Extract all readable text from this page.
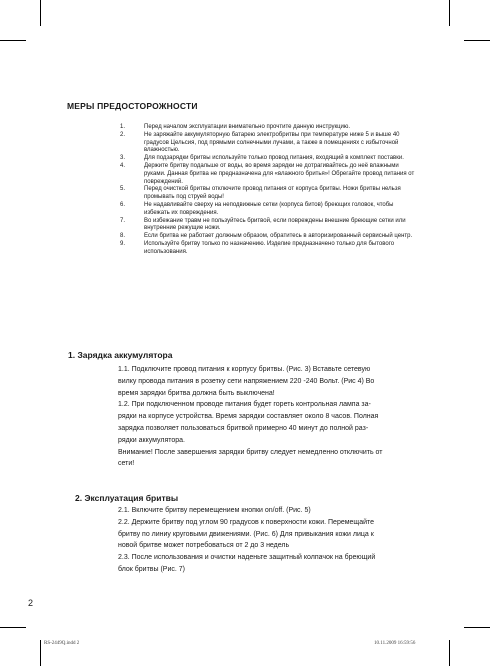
МЕРЫ ПРЕДОСТОРОЖНОСТИ
1.	Перед началом эксплуатации внимательно прочтите данную инструкцию.
2.	Не заряжайте аккумуляторную батарею электробритвы при температуре ниже 5 и выше 40 градусов Цельсия, под прямыми солнечными лучами, а также в помещениях с избыточной влажностью.
3.	Для подзарядки бритвы используйте только провод питания, входящий в комплект поставки.
4.	Держите бритву подальше от воды, во время зарядки не дотрагивайтесь до неё влажными руками. Данная бритва не предназначена для «влажного бритья»! Обрегайте провод питания от повреждений.
5.	Перед очисткой бритвы отключите провод питания от корпуса бритвы. Ножи бритвы нельзя промывать под струей воды!
6.	Не надавливайте сверху на неподвижные сетки (корпуса битов) бреющих головок, чтобы избежать их повреждения.
7.	Во избежание травм не пользуйтесь бритвой, если повреждены внешние бреющие сетки или внутренние режущие ножи.
8.	Если бритва не работает должным образом, обратитесь в авторизированный сервисный центр.
9.	Используйте бритву только по назначению. Изделие предназначено только для бытового использования.
1. Зарядка аккумулятора
1.1. Подключите провод питания к корпусу бритвы. (Рис. 3) Вставьте сетевую
вилку провода питания в розетку сети напряжением 220 -240 Вольт. (Рис 4) Во
время зарядки бритва должна быть выключена!
1.2. При подключенном проводе питания будет гореть контрольная лампа за-
рядки на корпусе устройства. Время зарядки составляет около 8 часов. Полная
зарядка позволяет пользоваться бритвой примерно 40 минут до полной раз-
рядки аккумулятора.
Внимание! После завершения зарядки бритву следует немедленно отключить от
сети!
2. Эксплуатация бритвы
2.1. Включите бритву перемещением кнопки on/off. (Рис. 5)
2.2. Держите бритву под углом 90 градусов к поверхности кожи. Перемещайте
бритву по линиу круговыми движениями. (Рис. 6) Для привыкания кожи лица к
новой бритве может потребоваться от 2 до 3 недель
2.3. После использования и очистки наденьте защитный колпачок на бреющий
блок бритвы (Рис. 7)
2
RS-2449Q.indd 2	10.11.2009 16:59:56
